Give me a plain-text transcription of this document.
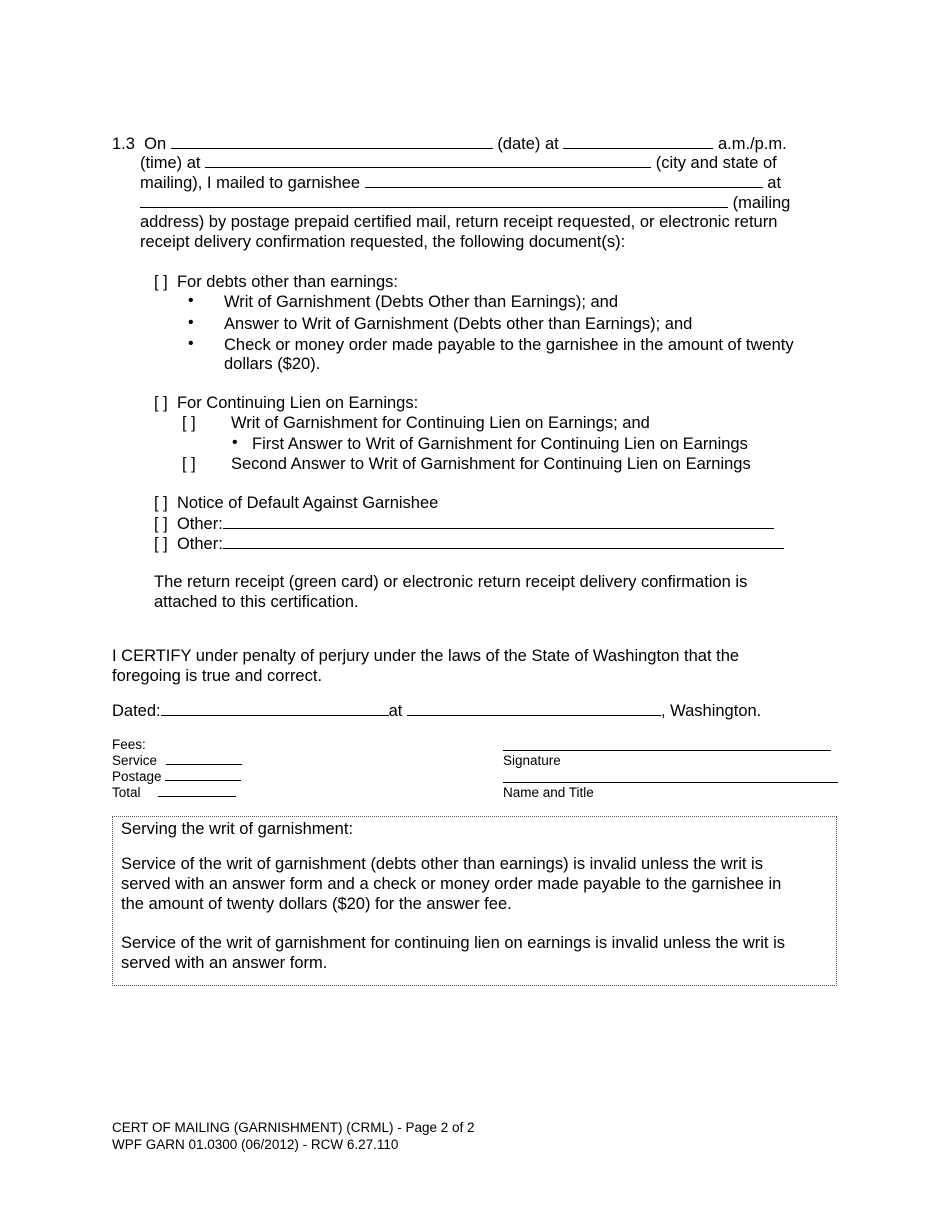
1.3 On	(date) at	a.m./p.m.
(time) at	(city and state of
mailing), I mailed to garnishee	at
(mailing
address) by postage prepaid certified mail, return receipt requested, or electronic return
receipt delivery confirmation requested, the following document(s):
[ ] For debts other than earnings:
• Writ of Garnishment (Debts Other than Earnings); and
• Answer to Writ of Garnishment (Debts other than Earnings); and
• Check or money order made payable to the garnishee in the amount of twenty
dollars ($20).
[ ] For Continuing Lien on Earnings:
[ ] Writ of Garnishment for Continuing Lien on Earnings; and
• First Answer to Writ of Garnishment for Continuing Lien on Earnings
[ ] Second Answer to Writ of Garnishment for Continuing Lien on Earnings
[ ] Notice of Default Against Garnishee
[ ] Other:
[ ] Other:
The return receipt (green card) or electronic return receipt delivery confirmation is
attached to this certification.
I CERTIFY under penalty of perjury under the laws of the State of Washington that the
foregoing is true and correct.
Dated:	at	, Washington.
Fees:
Service
Postage
Total
Signature
Name and Title
Serving the writ of garnishment:
Service of the writ of garnishment (debts other than earnings) is invalid unless the writ is
served with an answer form and a check or money order made payable to the garnishee in
the amount of twenty dollars ($20) for the answer fee.
Service of the writ of garnishment for continuing lien on earnings is invalid unless the writ is
served with an answer form.
CERT OF MAILING (GARNISHMENT) (CRML) - Page 2 of 2
WPF GARN 01.0300 (06/2012) - RCW 6.27.110
